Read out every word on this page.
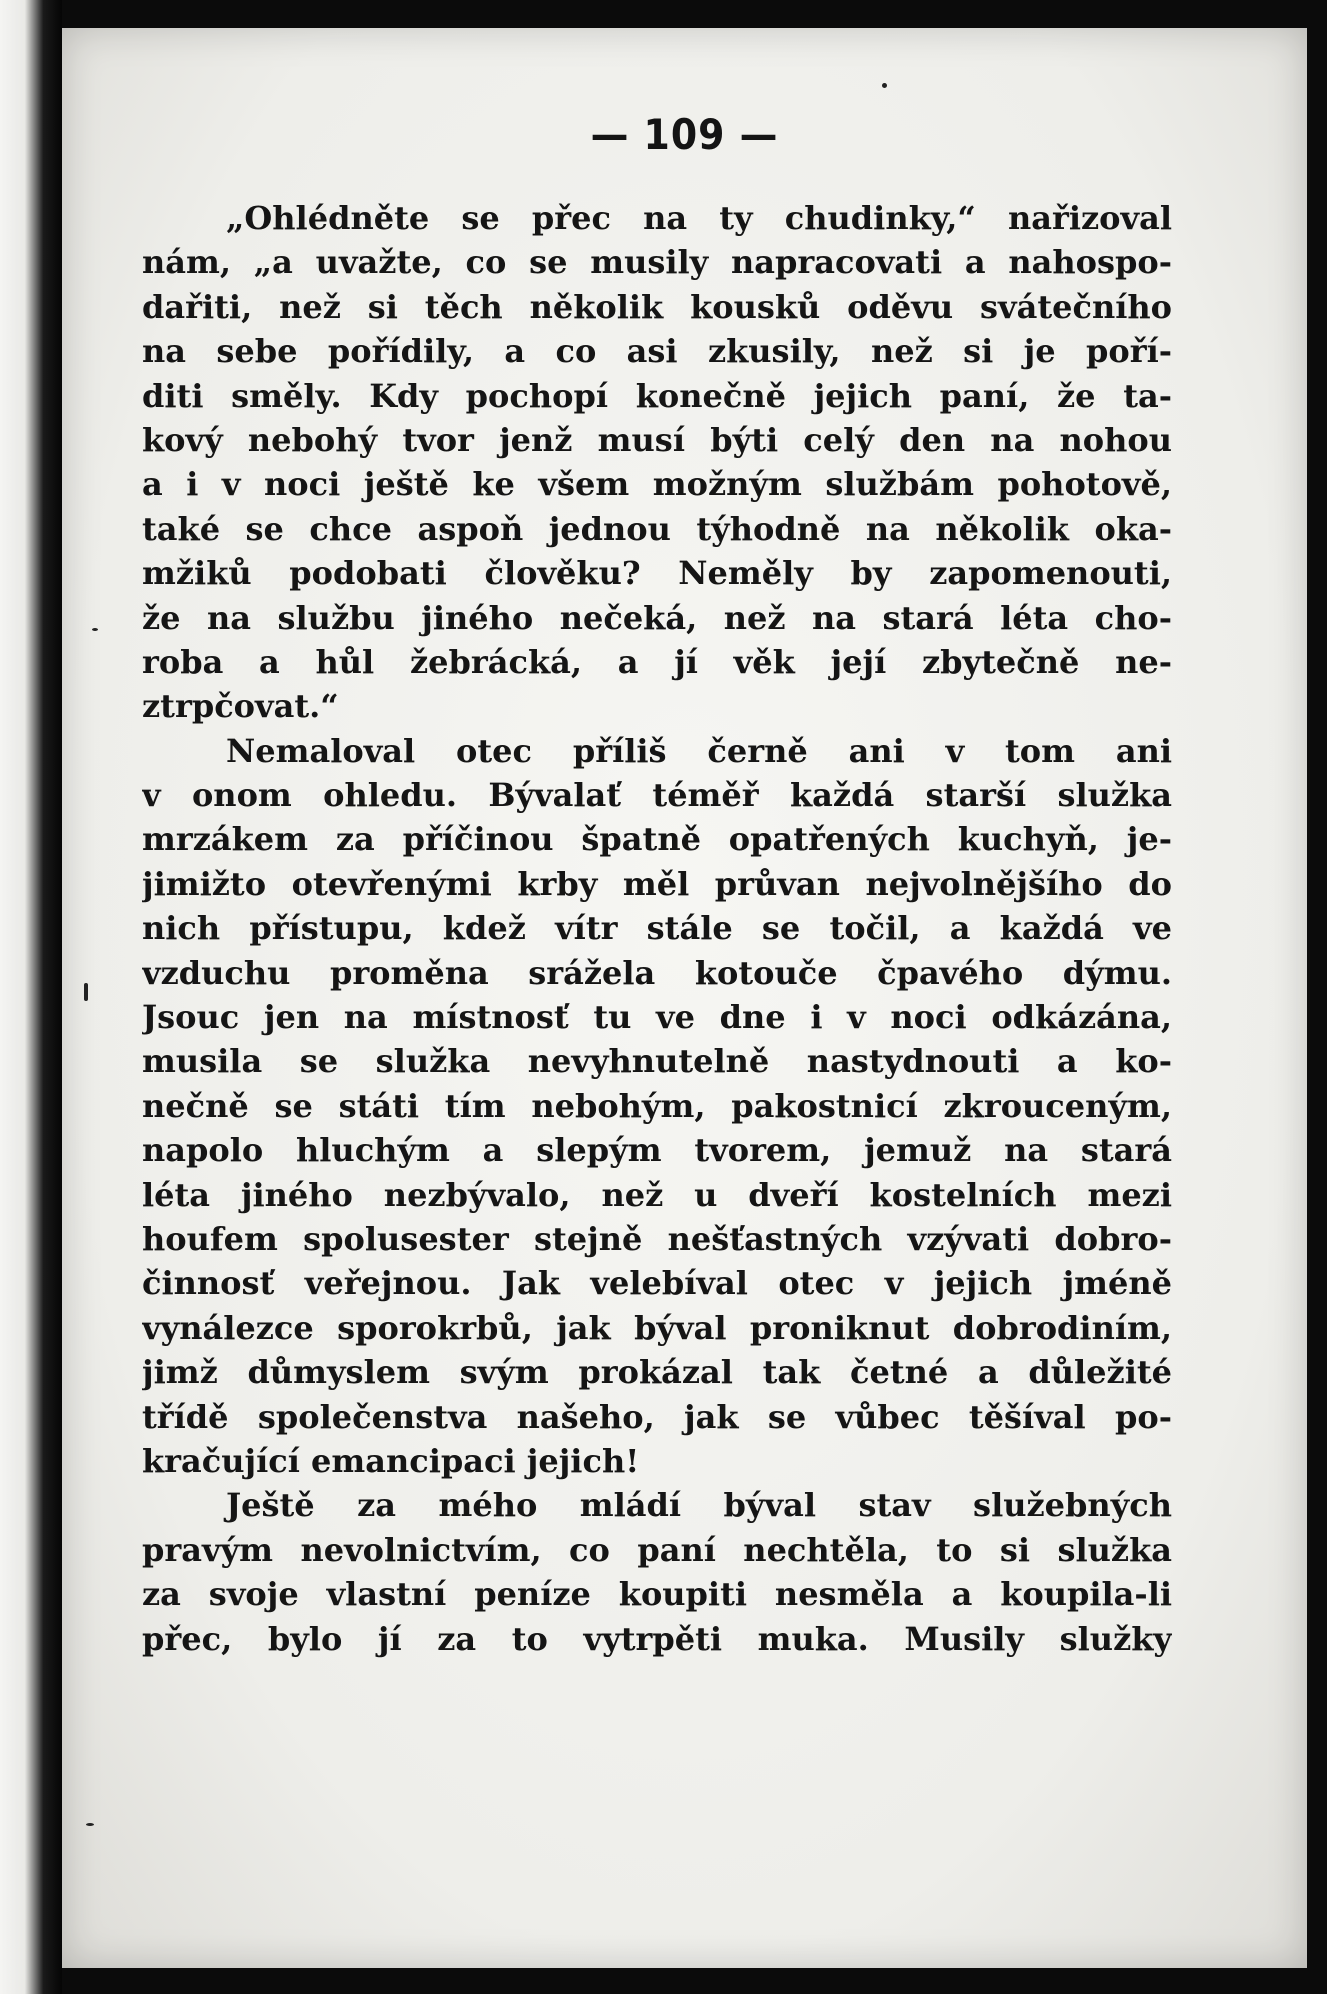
— 109 —
„Ohlédněte se přec na ty chudinky,“ nařizoval
nám, „a uvažte, co se musily napracovati a nahospo-
dařiti, než si těch několik kousků oděvu svátečního
na sebe pořídily, a co asi zkusily, než si je poří-
diti směly. Kdy pochopí konečně jejich paní, že ta-
kový nebohý tvor jenž musí býti celý den na nohou
a i v noci ještě ke všem možným službám pohotově,
také se chce aspoň jednou týhodně na několik oka-
mžiků podobati člověku? Neměly by zapomenouti,
že na službu jiného nečeká, než na stará léta cho-
roba a hůl žebrácká, a jí věk její zbytečně ne-
ztrpčovat.“
Nemaloval otec příliš černě ani v tom ani
v onom ohledu. Bývalať téměř každá starší služka
mrzákem za příčinou špatně opatřených kuchyň, je-
jimižto otevřenými krby měl průvan nejvolnějšího do
nich přístupu, kdež vítr stále se točil, a každá ve
vzduchu proměna srážela kotouče čpavého dýmu.
Jsouc jen na místnosť tu ve dne i v noci odkázána,
musila se služka nevyhnutelně nastydnouti a ko-
nečně se státi tím nebohým, pakostnicí zkrouceným,
napolo hluchým a slepým tvorem, jemuž na stará
léta jiného nezbývalo, než u dveří kostelních mezi
houfem spolusester stejně nešťastných vzývati dobro-
činnosť veřejnou. Jak velebíval otec v jejich jméně
vynálezce sporokrbů, jak býval proniknut dobrodiním,
jimž důmyslem svým prokázal tak četné a důležité
třídě společenstva našeho, jak se vůbec těšíval po-
kračující emancipaci jejich!
Ještě za mého mládí býval stav služebných
pravým nevolnictvím, co paní nechtěla, to si služka
za svoje vlastní peníze koupiti nesměla a koupila-li
přec, bylo jí za to vytrpěti muka. Musily služky
